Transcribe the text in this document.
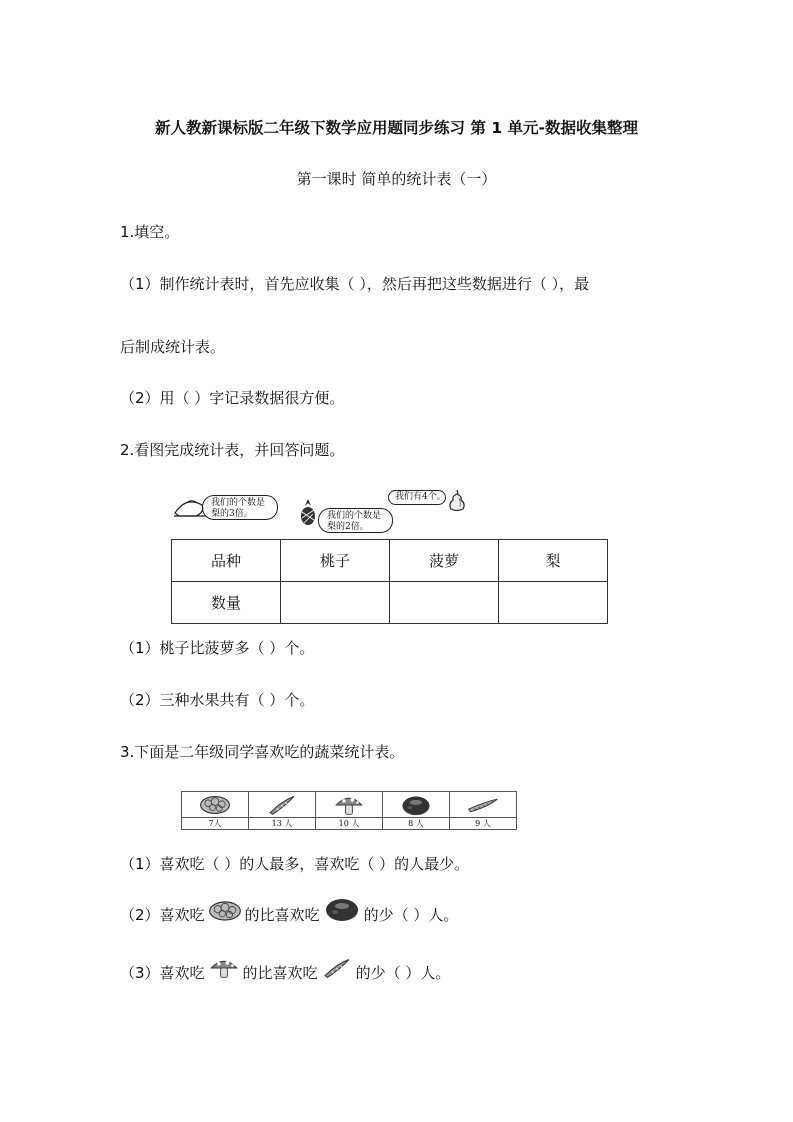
新人教新课标版二年级下数学应用题同步练习 第 1 单元-数据收集整理
第一课时 简单的统计表（一）
1.填空。
（1）制作统计表时，首先应收集（ ），然后再把这些数据进行（ ），最
后制成统计表。
（2）用（ ）字记录数据很方便。
2.看图完成统计表，并回答问题。
我们的个数是
梨的3倍。	我们的个数是
梨的2倍。
我们有4个。
品种	桃子	菠萝	梨
数量			
（1）桃子比菠萝多（ ）个。
（2）三种水果共有（ ）个。
3.下面是二年级同学喜欢吃的蔬菜统计表。
7人	13 人	10 人	8 人	9 人
（1）喜欢吃（ ）的人最多，喜欢吃（ ）的人最少。
（2）喜欢吃	的比喜欢吃	的少（ ）人。
（3）喜欢吃	的比喜欢吃	的少（ ）人。
